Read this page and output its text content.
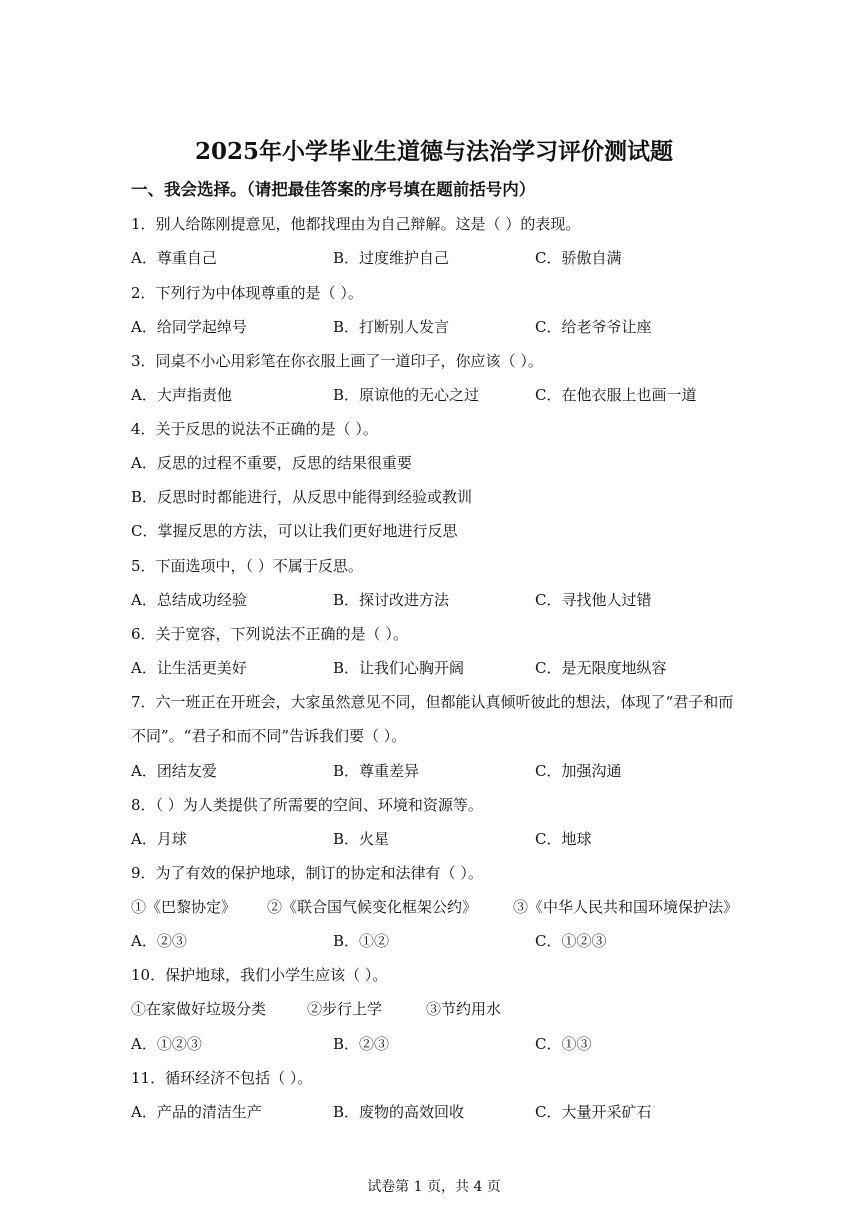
2025年小学毕业生道德与法治学习评价测试题
一、我会选择。（请把最佳答案的序号填在题前括号内）
1．别人给陈刚提意见，他都找理由为自己辩解。这是（ ）的表现。
A．尊重自己	B．过度维护自己	C．骄傲自满
2．下列行为中体现尊重的是（ ）。
A．给同学起绰号	B．打断别人发言	C．给老爷爷让座
3．同桌不小心用彩笔在你衣服上画了一道印子，你应该（ ）。
A．大声指责他	B．原谅他的无心之过	C．在他衣服上也画一道
4．关于反思的说法不正确的是（ ）。
A．反思的过程不重要，反思的结果很重要
B．反思时时都能进行，从反思中能得到经验或教训
C．掌握反思的方法，可以让我们更好地进行反思
5．下面选项中，（ ）不属于反思。
A．总结成功经验	B．探讨改进方法	C．寻找他人过错
6．关于宽容，下列说法不正确的是（ ）。
A．让生活更美好	B．让我们心胸开阔	C．是无限度地纵容
7．六一班正在开班会，大家虽然意见不同，但都能认真倾听彼此的想法，体现了“君子和而
不同”。“君子和而不同”告诉我们要（ ）。
A．团结友爱	B．尊重差异	C．加强沟通
8．（ ）为人类提供了所需要的空间、环境和资源等。
A．月球	B．火星	C．地球
9．为了有效的保护地球，制订的协定和法律有（ ）。
①《巴黎协定》 ②《联合国气候变化框架公约》 ③《中华人民共和国环境保护法》
A．②③	B．①②	C．①②③
10．保护地球，我们小学生应该（ ）。
①在家做好垃圾分类	②步行上学	③节约用水
A．①②③	B．②③	C．①③
11．循环经济不包括（ ）。
A．产品的清洁生产	B．废物的高效回收	C．大量开采矿石
试卷第 1 页，共 4 页
